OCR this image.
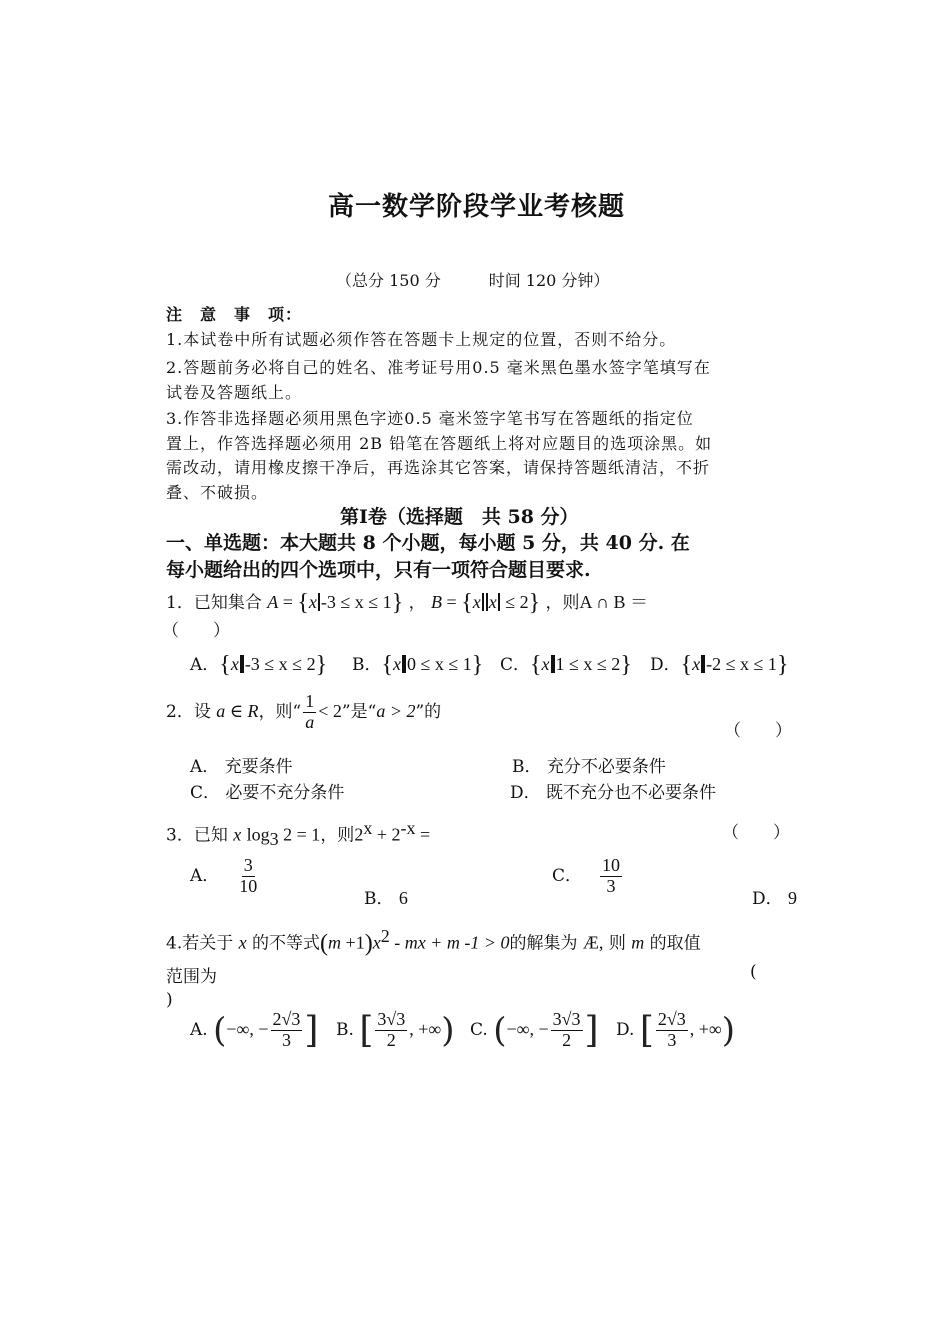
高一数学阶段学业考核题
（总分 150 分　　　时间 120 分钟）
注　意　事　项：
1.本试卷中所有试题必须作答在答题卡上规定的位置，否则不给分。
2.答题前务必将自己的姓名、准考证号用0.5 毫米黑色墨水签字笔填写在
试卷及答题纸上。
3.作答非选择题必须用黑色字迹0.5 毫米签字笔书写在答题纸的指定位
置上，作答选择题必须用 2B 铅笔在答题纸上将对应题目的选项涂黑。如
需改动，请用橡皮擦干净后，再选涂其它答案，请保持答题纸清洁，不折
叠、不破损。
第Ⅰ卷（选择题　共 58 分）
一、单选题：本大题共 8 个小题，每小题 5 分，共 40 分. 在
每小题给出的四个选项中，只有一项符合题目要求.
1．已知集合 A = {x -3 ≤ x ≤ 1} ， B = {x x ≤ 2} ，则A ∩ B ＝
（　　）
A．{x -3 ≤ x ≤ 2} B．{x 0 ≤ x ≤ 1} C．{x 1 ≤ x ≤ 2} D．{x -2 ≤ x ≤ 1}
2．设 a ∈ R，则“ $\frac{1}{a} < 2$”是“a > 2”的
（　　）
A． 充要条件	B． 充分不必要条件
C． 必要不充分条件	D． 既不充分也不必要条件
3．已知 x $\log_3 2 = 1$，则$2^x + 2^{-x}$ =	（　　）
A． $\frac{3}{10}$
B． 6
C． $\frac{10}{3}$
D． 9
4.若关于 x 的不等式$(m +1)x^2$ - mx + m -1 > 0的解集为 Æ, 则 m 的取值
范围为	(
)
A. (−∞, − $\frac{2√3}{3}$ ] B. [ $\frac{3√3}{2}$ , +∞) C. (−∞, − $\frac{3√3}{2}$ ] D. [ $\frac{2√3}{3}$ , +∞)
